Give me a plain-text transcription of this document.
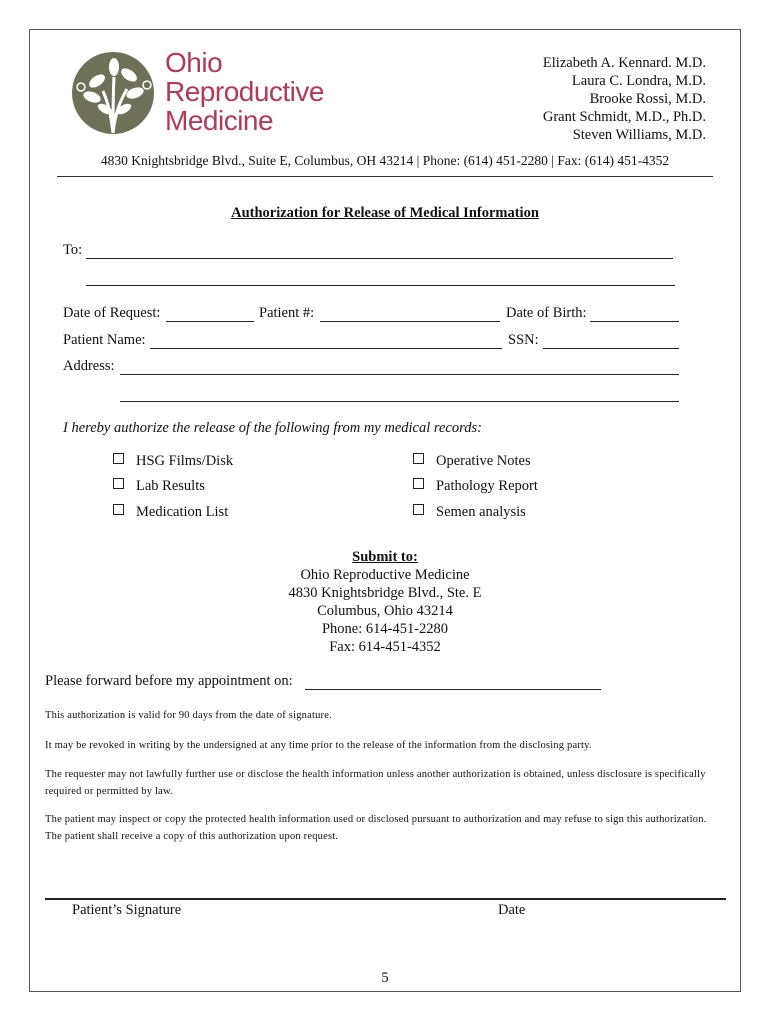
Ohio
Reproductive
Medicine
Elizabeth A. Kennard. M.D.
Laura C. Londra, M.D.
Brooke Rossi, M.D.
Grant Schmidt, M.D., Ph.D.
Steven Williams, M.D.
4830 Knightsbridge Blvd., Suite E, Columbus, OH 43214 | Phone: (614) 451-2280 | Fax: (614) 451-4352
Authorization for Release of Medical Information
To:
Date of Request:	Patient #:	Date of Birth:
Patient Name:	SSN:
Address:
I hereby authorize the release of the following from my medical records:
HSG Films/Disk
Lab Results
Medication List
Operative Notes
Pathology Report
Semen analysis
Submit to:
Ohio Reproductive Medicine
4830 Knightsbridge Blvd., Ste. E
Columbus, Ohio 43214
Phone: 614-451-2280
Fax: 614-451-4352
Please forward before my appointment on:
This authorization is valid for 90 days from the date of signature.
It may be revoked in writing by the undersigned at any time prior to the release of the information from the disclosing party.
The requester may not lawfully further use or disclose the health information unless another authorization is obtained, unless disclosure is specifically required or permitted by law.
The patient may inspect or copy the protected health information used or disclosed pursuant to authorization and may refuse to sign this authorization. The patient shall receive a copy of this authorization upon request.
Patient’s Signature	Date
5
